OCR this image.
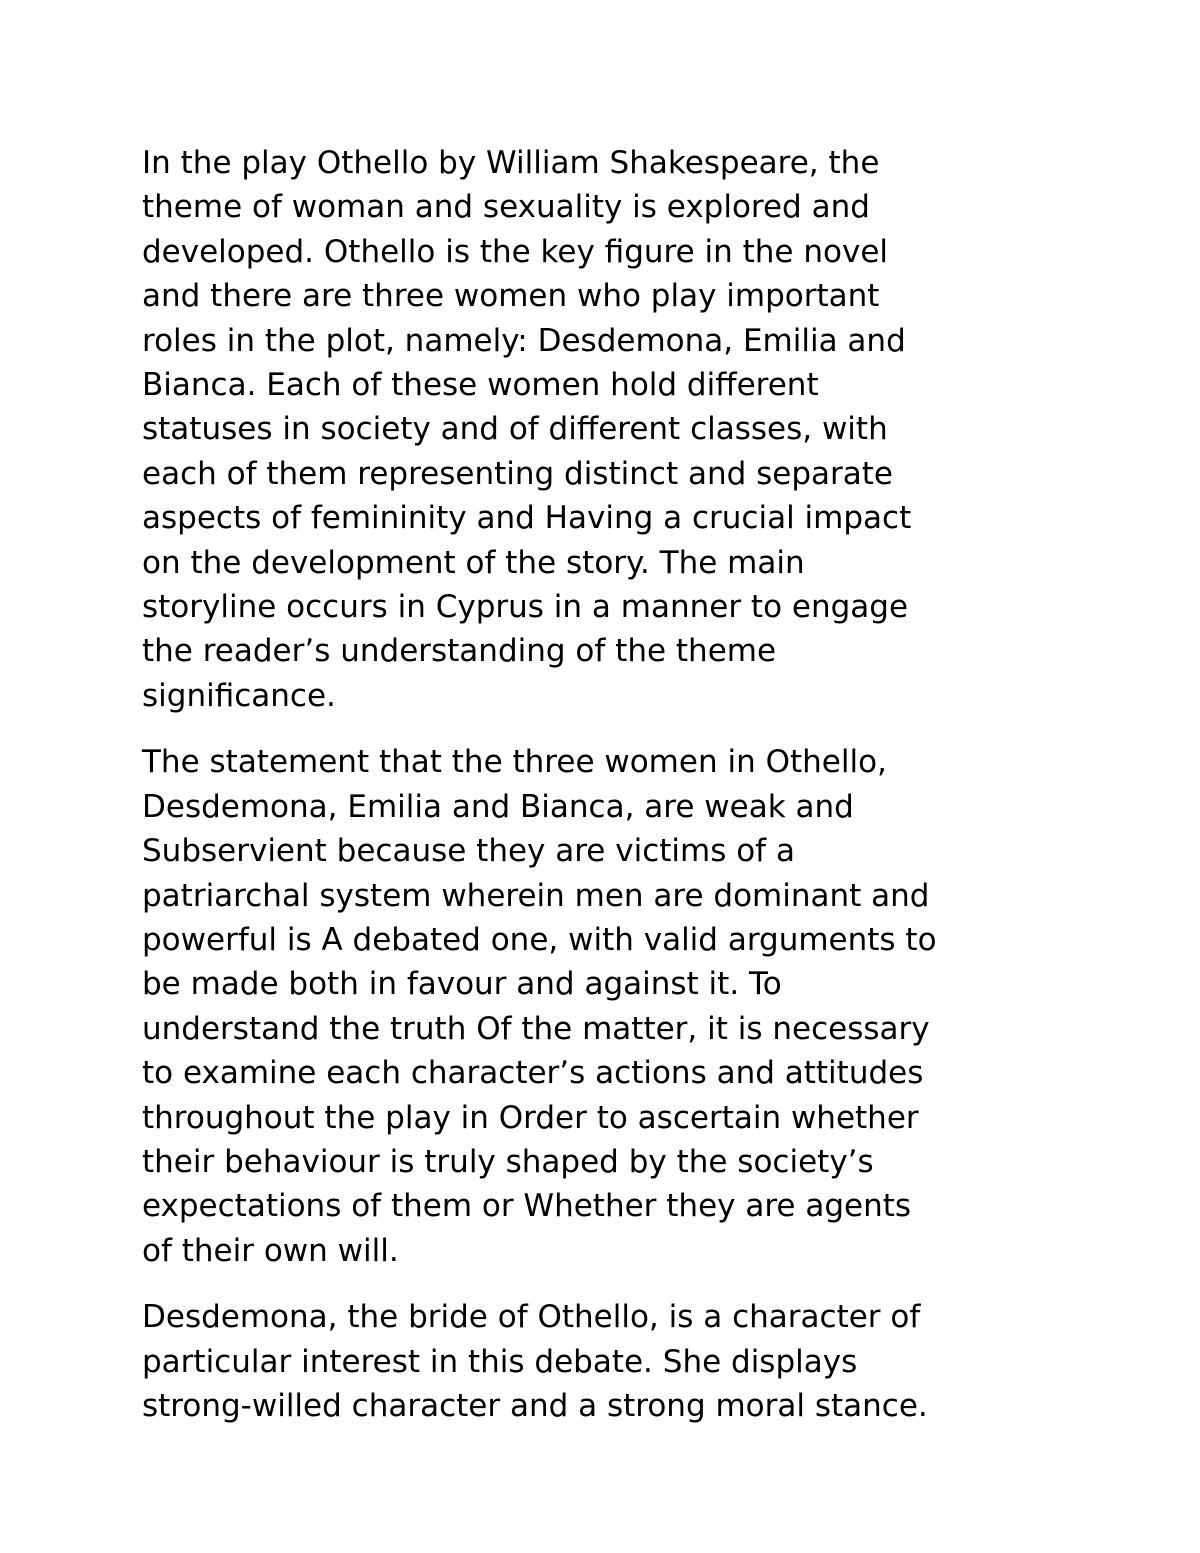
In the play Othello by William Shakespeare, the
theme of woman and sexuality is explored and
developed. Othello is the key figure in the novel
and there are three women who play important
roles in the plot, namely: Desdemona, Emilia and
Bianca. Each of these women hold different
statuses in society and of different classes, with
each of them representing distinct and separate
aspects of femininity and Having a crucial impact
on the development of the story. The main
storyline occurs in Cyprus in a manner to engage
the reader’s understanding of the theme
significance.

The statement that the three women in Othello,
Desdemona, Emilia and Bianca, are weak and
Subservient because they are victims of a
patriarchal system wherein men are dominant and
powerful is A debated one, with valid arguments to
be made both in favour and against it. To
understand the truth Of the matter, it is necessary
to examine each character’s actions and attitudes
throughout the play in Order to ascertain whether
their behaviour is truly shaped by the society’s
expectations of them or Whether they are agents
of their own will.

Desdemona, the bride of Othello, is a character of
particular interest in this debate. She displays
strong-willed character and a strong moral stance.
